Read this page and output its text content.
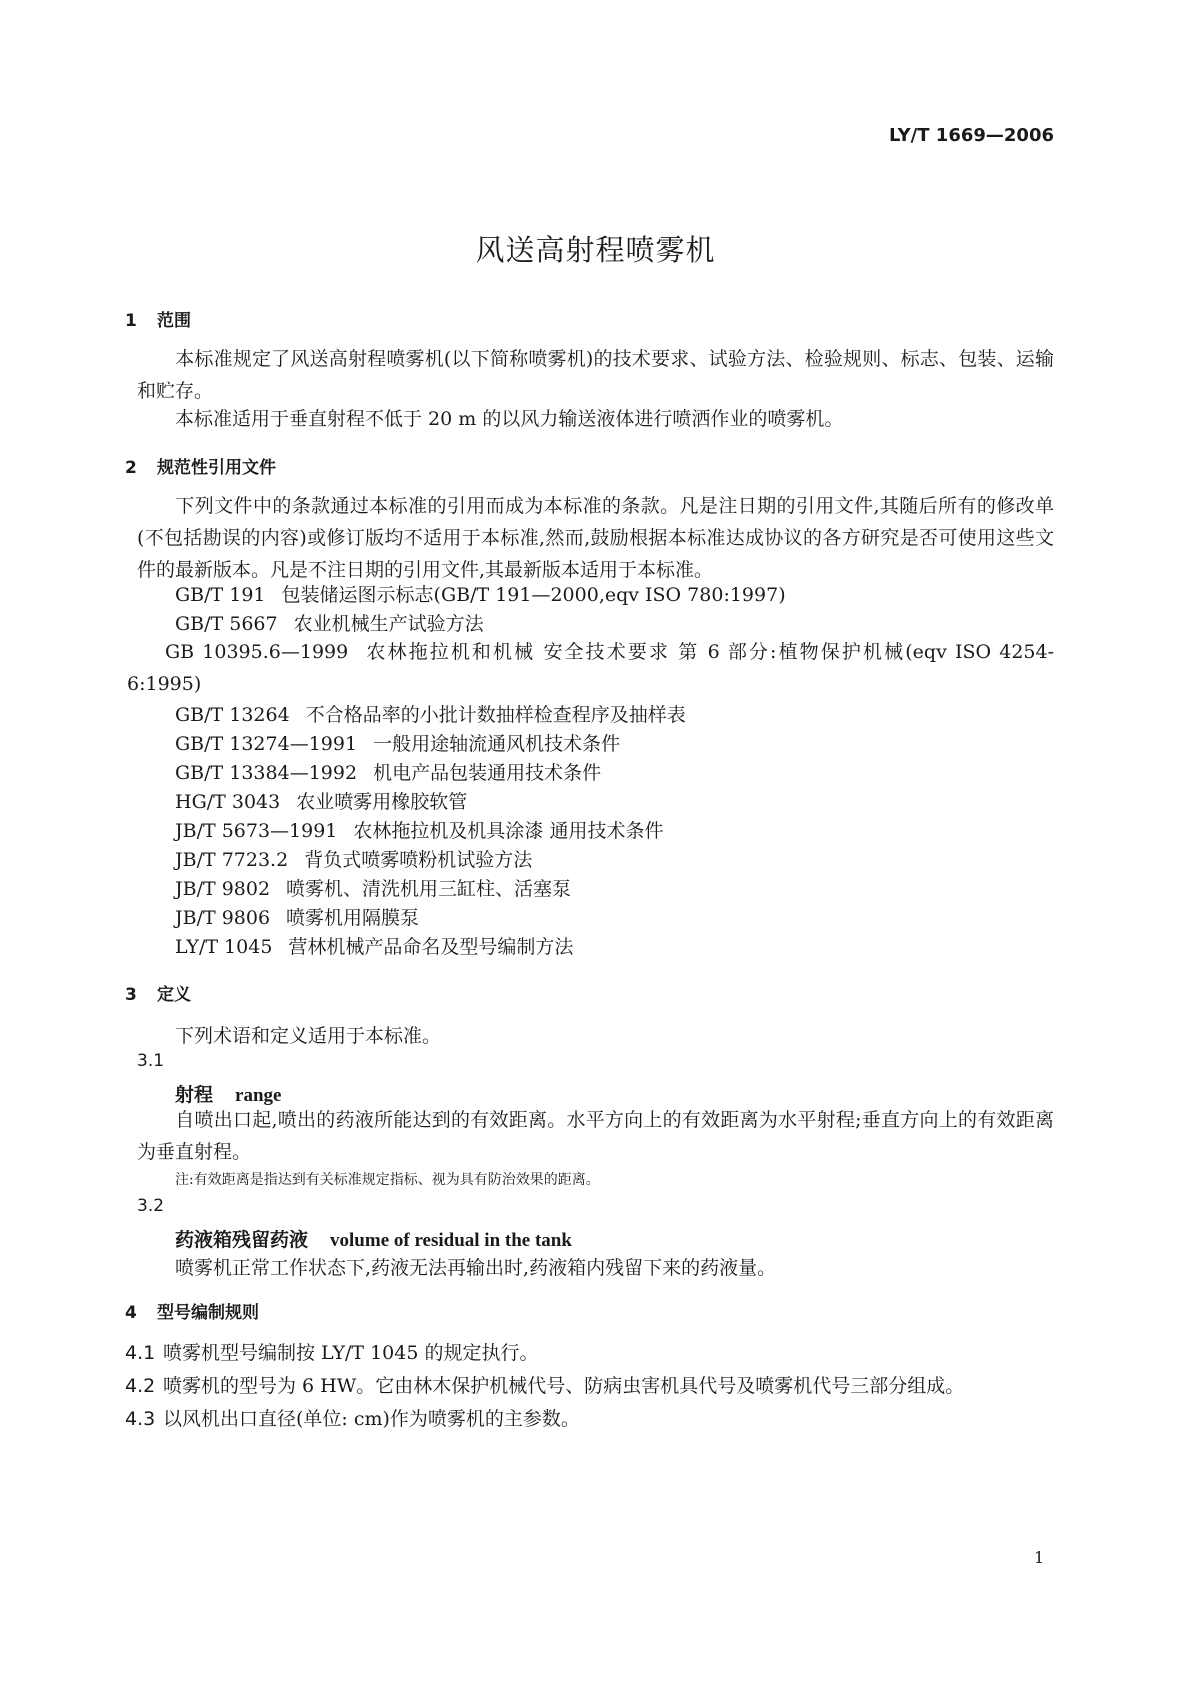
LY/T 1669—2006
风送高射程喷雾机
1 范围
本标准规定了风送高射程喷雾机(以下简称喷雾机)的技术要求、试验方法、检验规则、标志、包装、运输和贮存。
本标准适用于垂直射程不低于 20 m 的以风力输送液体进行喷洒作业的喷雾机。
2 规范性引用文件
下列文件中的条款通过本标准的引用而成为本标准的条款。凡是注日期的引用文件,其随后所有的修改单(不包括勘误的内容)或修订版均不适用于本标准,然而,鼓励根据本标准达成协议的各方研究是否可使用这些文件的最新版本。凡是不注日期的引用文件,其最新版本适用于本标准。
GB/T 191 包装储运图示标志(GB/T 191—2000,eqv ISO 780:1997)
GB/T 5667 农业机械生产试验方法
GB 10395.6—1999 农林拖拉机和机械 安全技术要求 第 6 部分:植物保护机械(eqv ISO 4254-6:1995)
GB/T 13264 不合格品率的小批计数抽样检查程序及抽样表
GB/T 13274—1991 一般用途轴流通风机技术条件
GB/T 13384—1992 机电产品包装通用技术条件
HG/T 3043 农业喷雾用橡胶软管
JB/T 5673—1991 农林拖拉机及机具涂漆 通用技术条件
JB/T 7723.2 背负式喷雾喷粉机试验方法
JB/T 9802 喷雾机、清洗机用三缸柱、活塞泵
JB/T 9806 喷雾机用隔膜泵
LY/T 1045 营林机械产品命名及型号编制方法
3 定义
下列术语和定义适用于本标准。
3.1
射程 range
自喷出口起,喷出的药液所能达到的有效距离。水平方向上的有效距离为水平射程;垂直方向上的有效距离为垂直射程。
注:有效距离是指达到有关标准规定指标、视为具有防治效果的距离。
3.2
药液箱残留药液 volume of residual in the tank
喷雾机正常工作状态下,药液无法再输出时,药液箱内残留下来的药液量。
4 型号编制规则
4.1 喷雾机型号编制按 LY/T 1045 的规定执行。
4.2 喷雾机的型号为 6 HW。它由林木保护机械代号、防病虫害机具代号及喷雾机代号三部分组成。
4.3 以风机出口直径(单位: cm)作为喷雾机的主参数。
1
